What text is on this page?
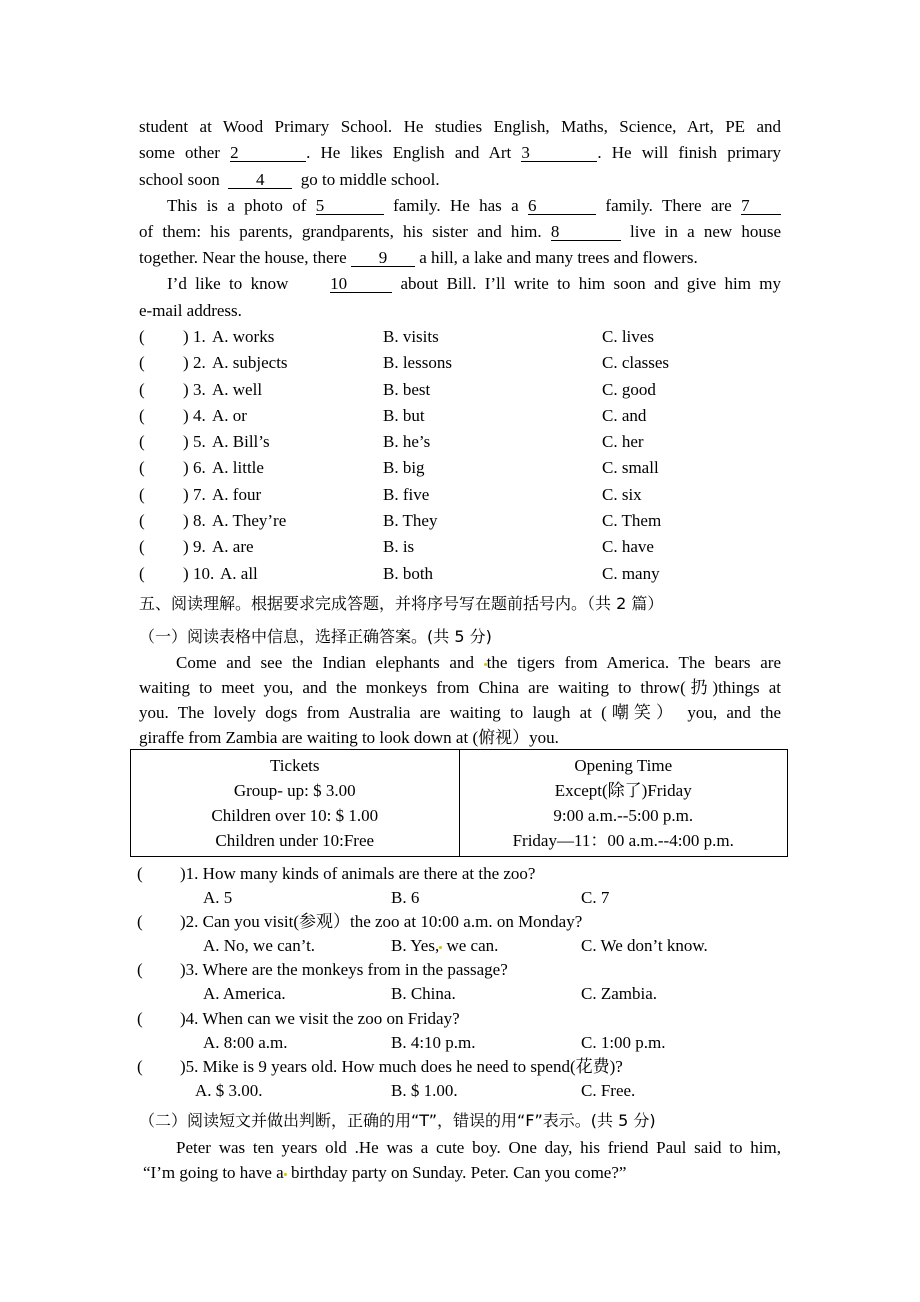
student at Wood Primary School. He studies English, Maths, Science, Art, PE and
some other 2	. He likes English and Art 3	. He will finish primary
school soon 4 go to middle school.
This is a photo of 5	family. He has a 6	family. There are 7
of them: his parents, grandparents, his sister and him. 8	live in a new house
together. Near the house, there 9 a hill, a lake and many trees and flowers.
I’d like to know 10	about Bill. I’ll write to him soon and give him my
e-mail address.
( ) 1. A. works	B. visits	C. lives
( ) 2. A. subjects	B. lessons	C. classes
( ) 3. A. well	B. best	C. good
( ) 4. A. or	B. but	C. and
( ) 5. A. Bill’s	B. he’s	C. her
( ) 6. A. little	B. big	C. small
( ) 7. A. four	B. five	C. six
( ) 8. A. They’re	B. They	C. Them
( ) 9. A. are	B. is	C. have
( ) 10. A. all	B. both	C. many
五、阅读理解。根据要求完成答题，并将序号写在题前括号内。（共 2 篇）
（一）阅读表格中信息，选择正确答案。(共 5 分)
Come and see the Indian elephants and the tigers from America. The bears are
waiting to meet you, and the monkeys from China are waiting to throw(扔)things at
you. The lovely dogs from Australia are waiting to laugh at (嘲笑） you, and the
giraffe from Zambia are waiting to look down at (俯视）you.
Tickets
Group- up: $ 3.00
Children over 10: $ 1.00
Children under 10:Free

Opening Time
Except(除了)Friday
9:00 a.m.--5:00 p.m.
Friday—11：00 a.m.--4:00 p.m.
( )1. How many kinds of animals are there at the zoo?
A. 5	B. 6	C. 7
( )2. Can you visit(参观）the zoo at 10:00 a.m. on Monday?
A. No, we can’t.	B. Yes, we can.	C. We don’t know.
( )3. Where are the monkeys from in the passage?
A. America.	B. China.	C. Zambia.
( )4. When can we visit the zoo on Friday?
A. 8:00 a.m.	B. 4:10 p.m.	C. 1:00 p.m.
( )5. Mike is 9 years old. How much does he need to spend(花费)?
A. $ 3.00.	B. $ 1.00.	C. Free.
（二）阅读短文并做出判断，正确的用“T”，错误的用“F”表示。(共 5 分)
Peter was ten years old .He was a cute boy. One day, his friend Paul said to him,
“I’m going to have a birthday party on Sunday. Peter. Can you come?”
